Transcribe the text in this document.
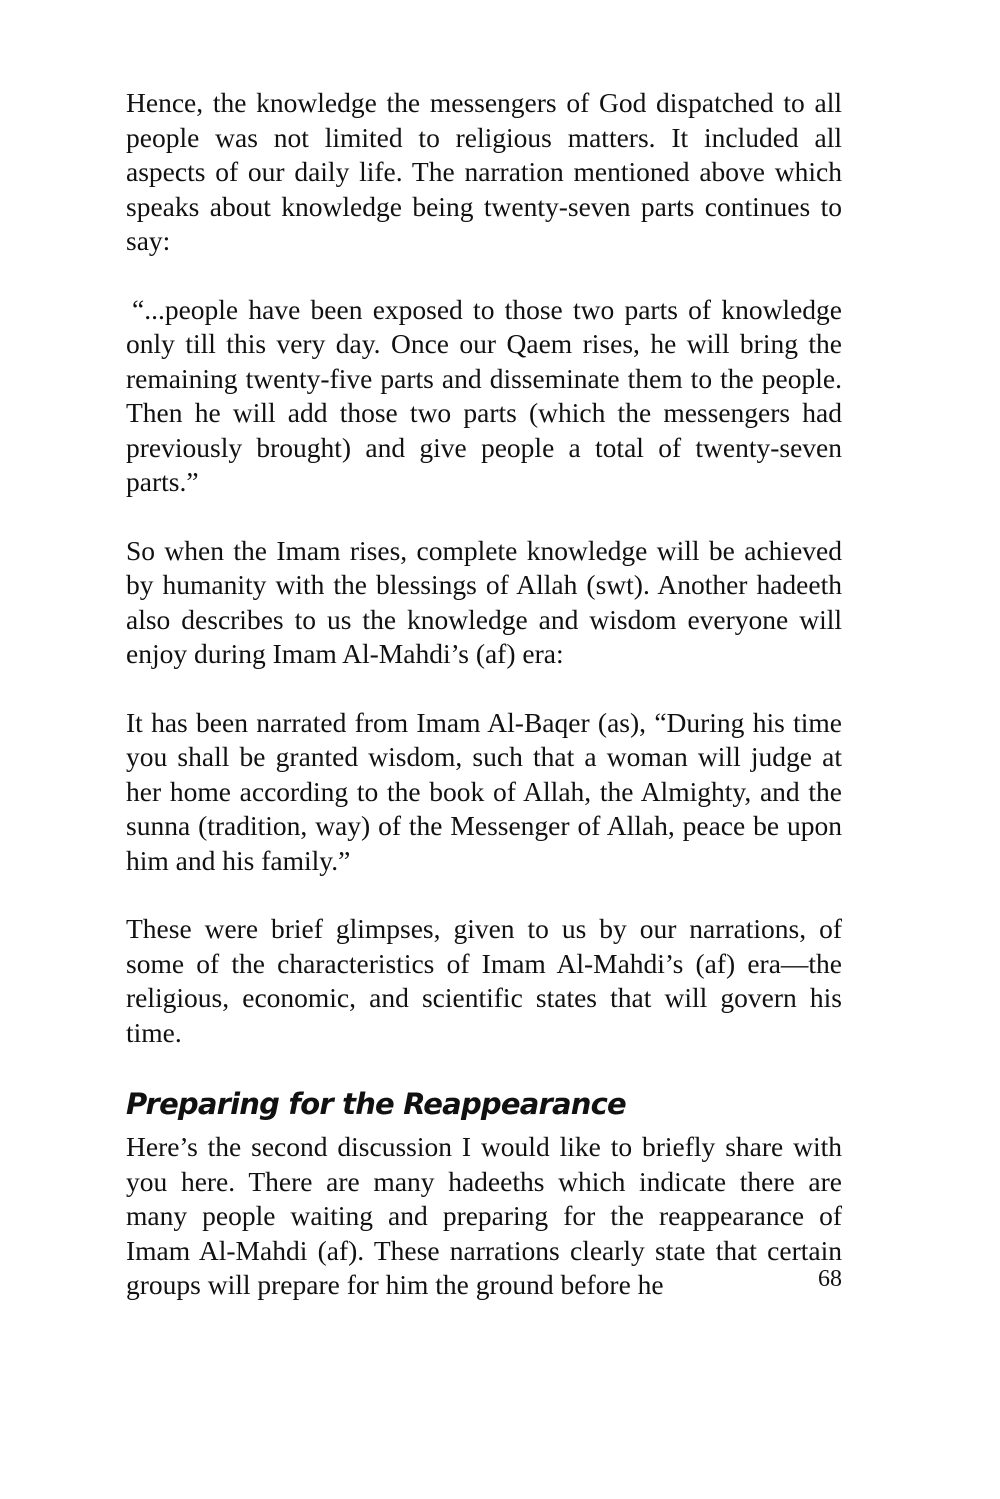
Hence, the knowledge the messengers of God dispatched to all people was not limited to religious matters. It included all aspects of our daily life. The narration mentioned above which speaks about knowledge being twenty-seven parts continues to say:

“...people have been exposed to those two parts of knowledge only till this very day. Once our Qaem rises, he will bring the remaining twenty-five parts and disseminate them to the people. Then he will add those two parts (which the messengers had previously brought) and give people a total of twenty-seven parts.”

So when the Imam rises, complete knowledge will be achieved by humanity with the blessings of Allah (swt). Another hadeeth also describes to us the knowledge and wisdom everyone will enjoy during Imam Al-Mahdi’s (af) era:

It has been narrated from Imam Al-Baqer (as), “During his time you shall be granted wisdom, such that a woman will judge at her home according to the book of Allah, the Almighty, and the sunna (tradition, way) of the Messenger of Allah, peace be upon him and his family.”

These were brief glimpses, given to us by our narrations, of some of the characteristics of Imam Al-Mahdi’s (af) era—the religious, economic, and scientific states that will govern his time.

Preparing for the Reappearance

Here’s the second discussion I would like to briefly share with you here. There are many hadeeths which indicate there are many people waiting and preparing for the reappearance of Imam Al-Mahdi (af). These narrations clearly state that certain groups will prepare for him the ground before he	68
